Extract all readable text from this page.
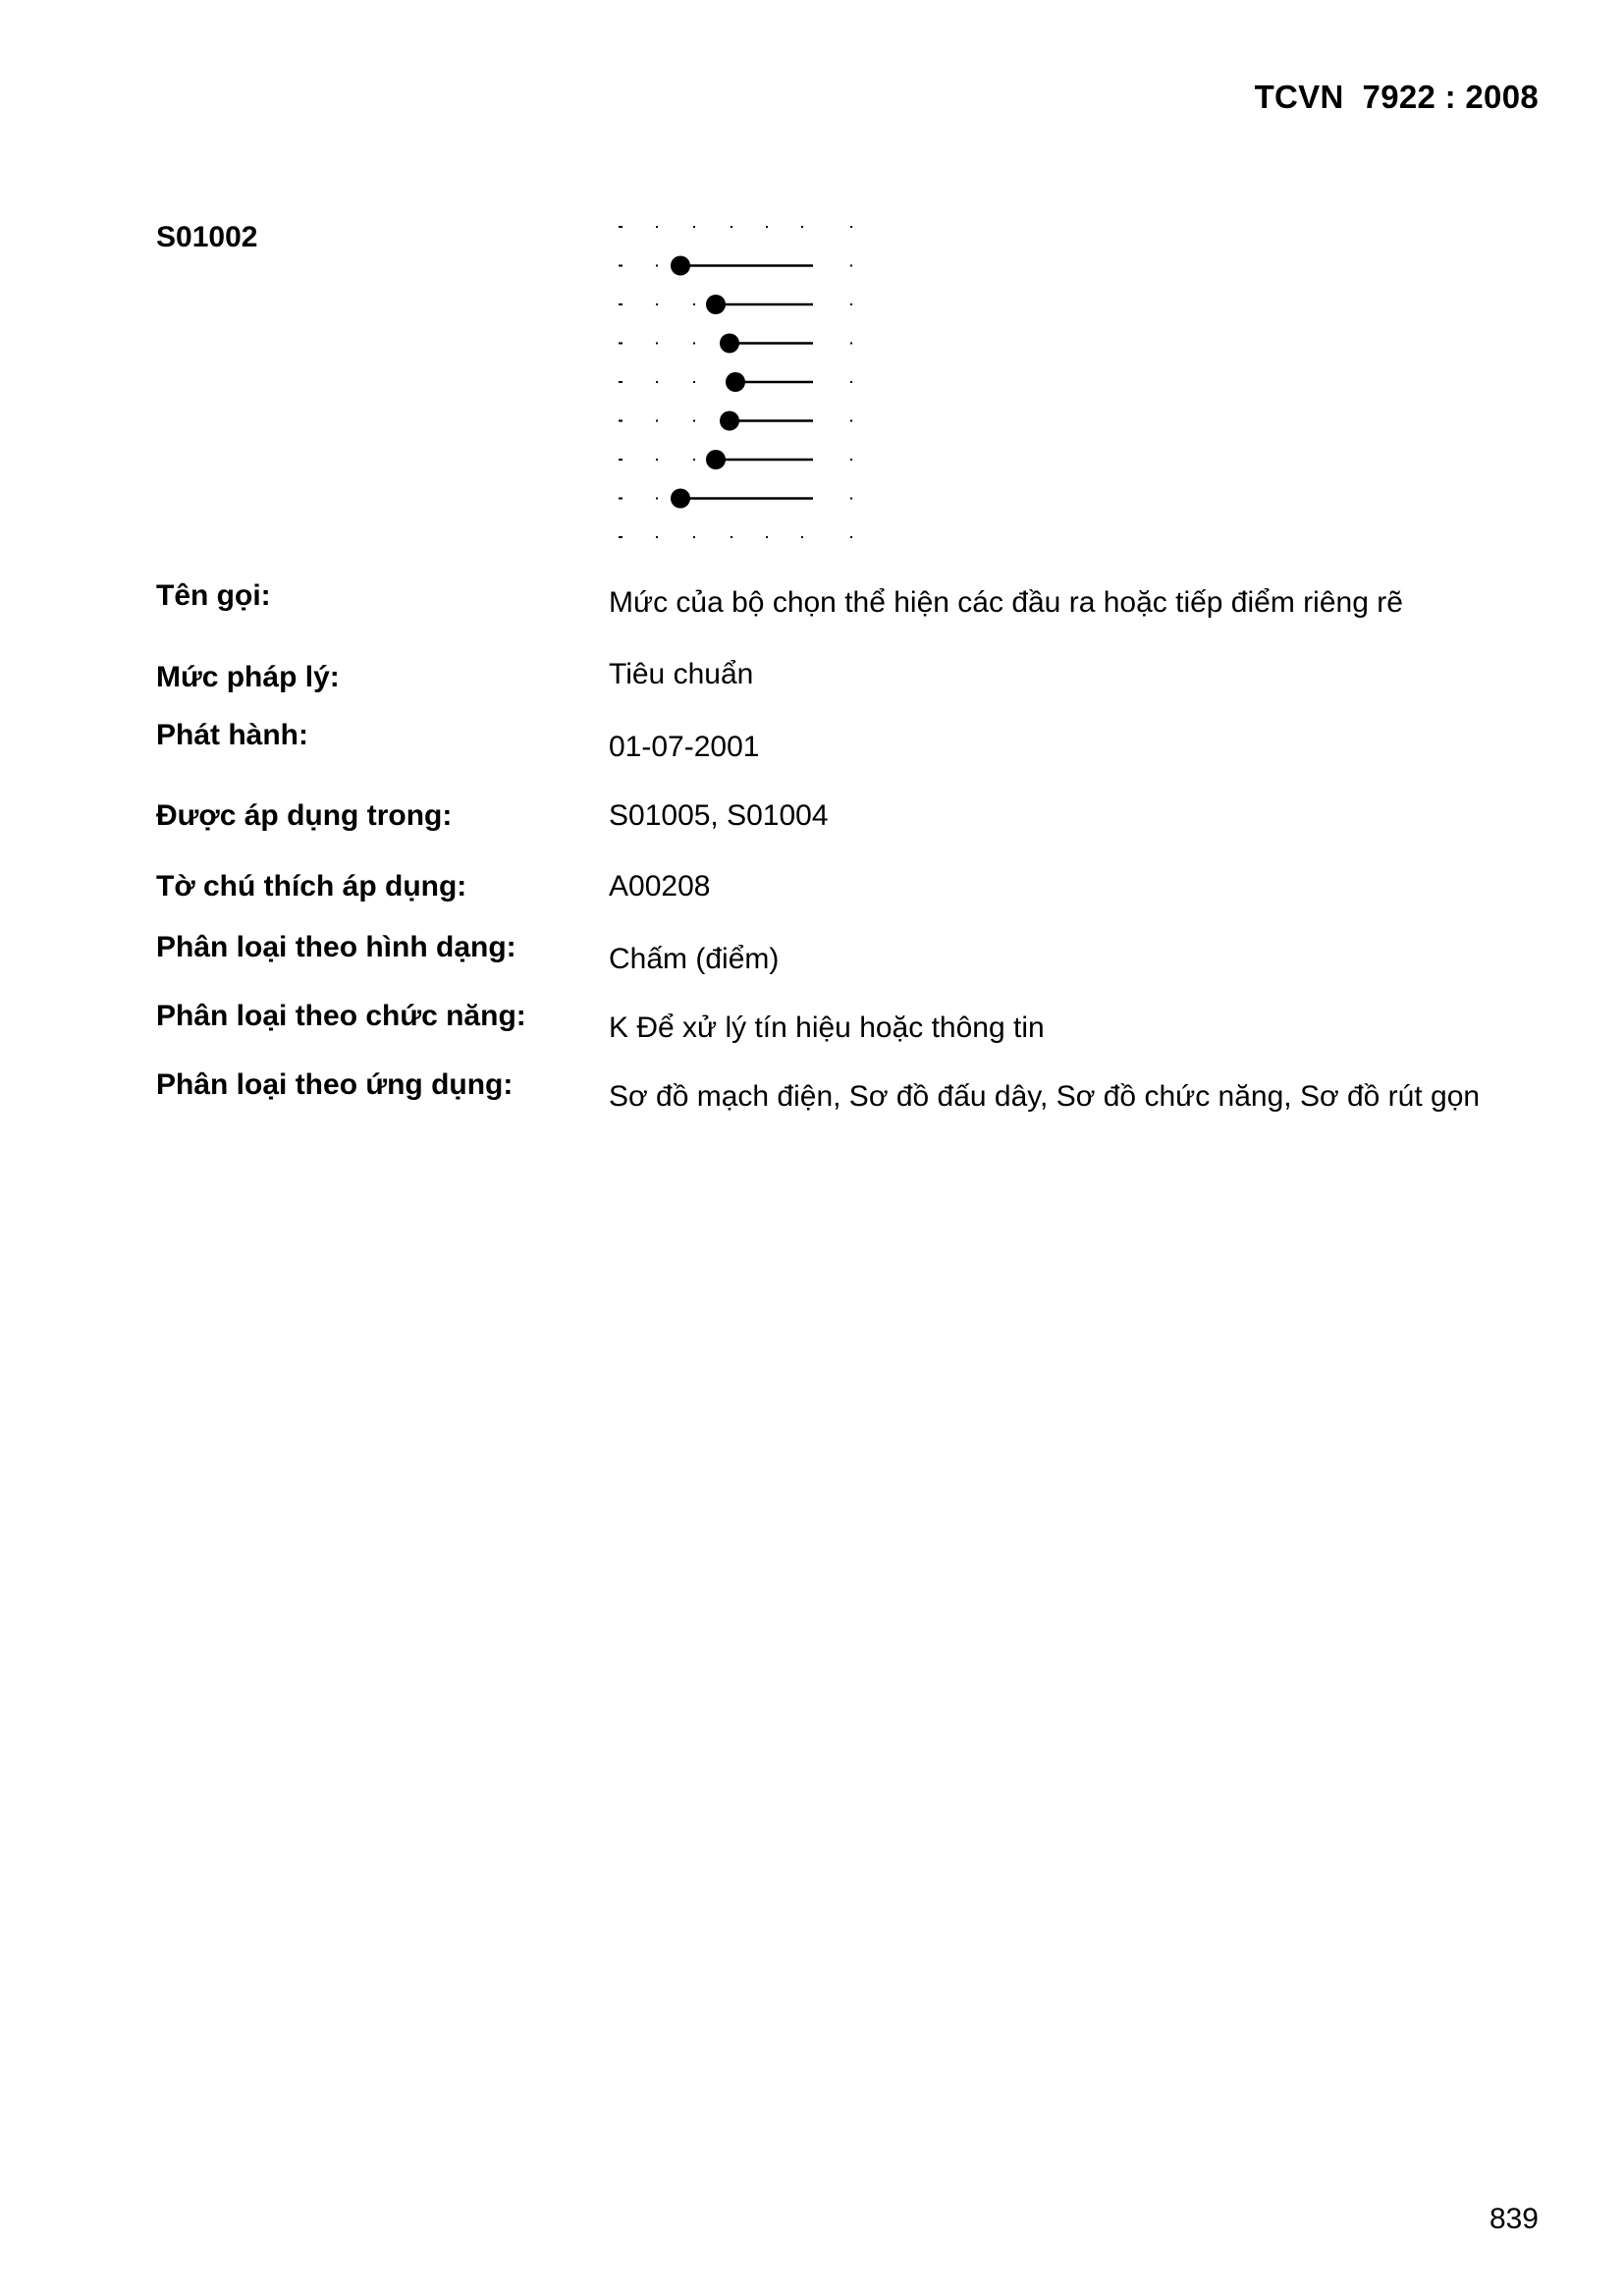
TCVN  7922 : 2008
S01002
Tên gọi:	Mức của bộ chọn thể hiện các đầu ra hoặc tiếp điểm riêng rẽ
Mức pháp lý:	Tiêu chuẩn
Phát hành:	01-07-2001
Được áp dụng trong:	S01005, S01004
Tờ chú thích áp dụng:	A00208
Phân loại theo hình dạng:	Chấm (điểm)
Phân loại theo chức năng:	K Để xử lý tín hiệu hoặc thông tin
Phân loại theo ứng dụng:	Sơ đồ mạch điện, Sơ đồ đấu dây, Sơ đồ chức năng, Sơ đồ rút gọn
839
